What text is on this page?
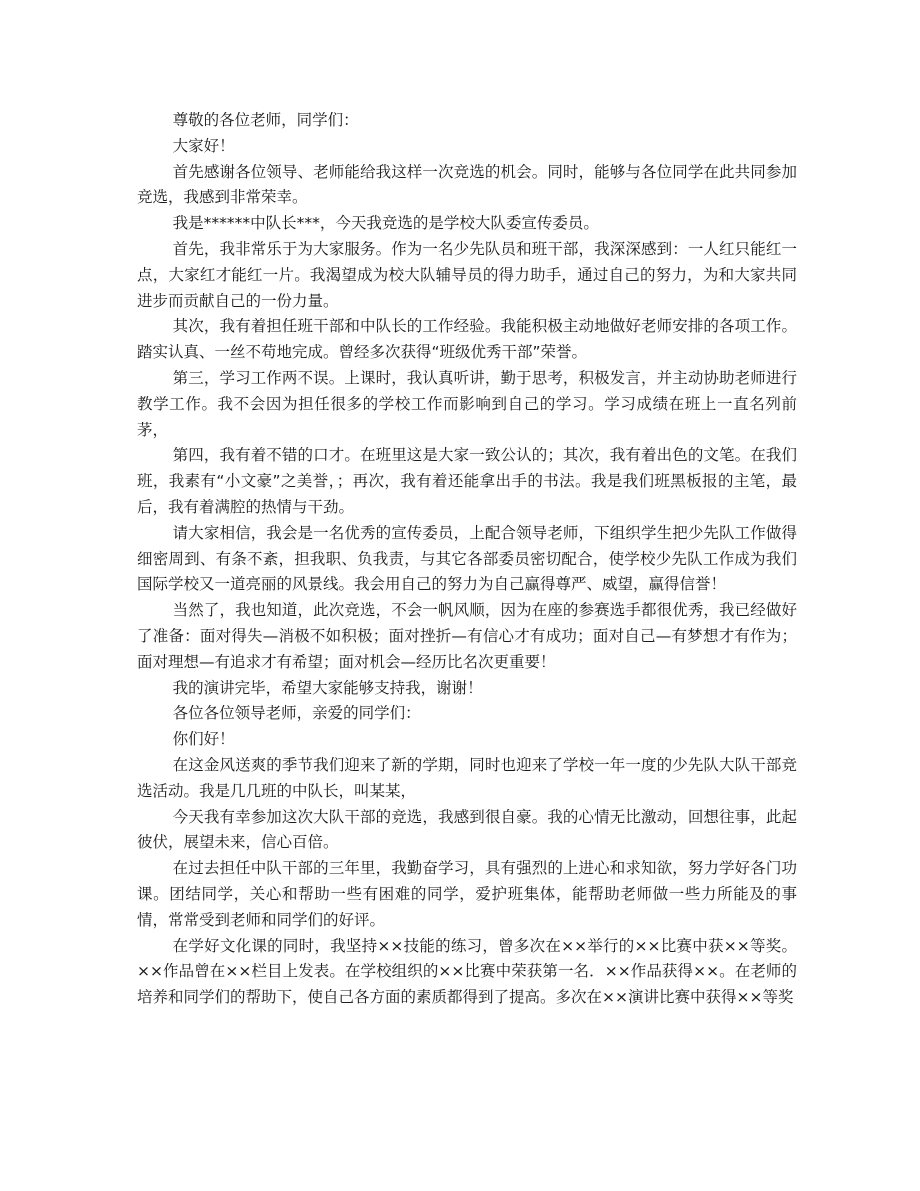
尊敬的各位老师，同学们：

大家好！

首先感谢各位领导、老师能给我这样一次竞选的机会。同时，能够与各位同学在此共同参加竞选，我感到非常荣幸。

我是******中队长***，今天我竞选的是学校大队委宣传委员。

首先，我非常乐于为大家服务。作为一名少先队员和班干部，我深深感到：一人红只能红一点，大家红才能红一片。我渴望成为校大队辅导员的得力助手，通过自己的努力，为和大家共同进步而贡献自己的一份力量。

其次，我有着担任班干部和中队长的工作经验。我能积极主动地做好老师安排的各项工作。踏实认真、一丝不苟地完成。曾经多次获得“班级优秀干部”荣誉。

第三，学习工作两不误。上课时，我认真听讲，勤于思考，积极发言，并主动协助老师进行教学工作。我不会因为担任很多的学校工作而影响到自己的学习。学习成绩在班上一直名列前茅，

第四，我有着不错的口才。在班里这是大家一致公认的；其次，我有着出色的文笔。在我们班，我素有“小文豪”之美誉，；再次，我有着还能拿出手的书法。我是我们班黑板报的主笔，最后，我有着满腔的热情与干劲。

请大家相信，我会是一名优秀的宣传委员，上配合领导老师，下组织学生把少先队工作做得细密周到、有条不紊，担我职、负我责，与其它各部委员密切配合，使学校少先队工作成为我们国际学校又一道亮丽的风景线。我会用自己的努力为自己赢得尊严、威望，赢得信誉！

当然了，我也知道，此次竞选，不会一帆风顺，因为在座的参赛选手都很优秀，我已经做好了准备：面对得失—消极不如积极；面对挫折—有信心才有成功；面对自己—有梦想才有作为；面对理想—有追求才有希望；面对机会—经历比名次更重要！

我的演讲完毕，希望大家能够支持我，谢谢！

各位各位领导老师，亲爱的同学们：

你们好！

在这金风送爽的季节我们迎来了新的学期，同时也迎来了学校一年一度的少先队大队干部竞选活动。我是几几班的中队长，叫某某，

今天我有幸参加这次大队干部的竞选，我感到很自豪。我的心情无比激动，回想往事，此起彼伏，展望未来，信心百倍。

在过去担任中队干部的三年里，我勤奋学习，具有强烈的上进心和求知欲，努力学好各门功课。团结同学，关心和帮助一些有困难的同学，爱护班集体，能帮助老师做一些力所能及的事情，常常受到老师和同学们的好评。

在学好文化课的同时，我坚持××技能的练习，曾多次在××举行的××比赛中获××等奖。××作品曾在××栏目上发表。在学校组织的××比赛中荣获第一名．××作品获得××。在老师的培养和同学们的帮助下，使自己各方面的素质都得到了提高。多次在××演讲比赛中获得××等奖
